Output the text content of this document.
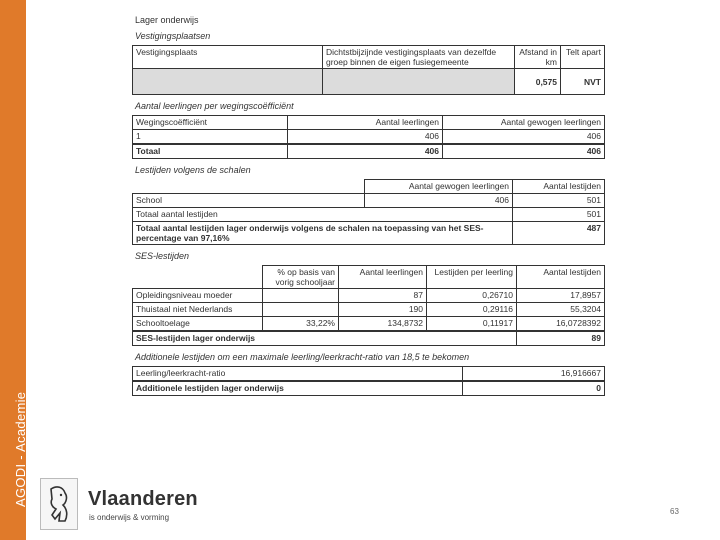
AGODI - Academie
Lager onderwijs
Vestigingsplaatsen
Vestigingsplaats	Dichtstbijzijnde vestigingsplaats van dezelfde groep binnen de eigen fusiegemeente	Afstand in km	Telt apart
		0,575	NVT
Aantal leerlingen per wegingscoëfficiënt
Wegingscoëfficiënt	Aantal leerlingen	Aantal gewogen leerlingen
1	406	406
Totaal	406	406
Lestijden volgens de schalen
	Aantal gewogen leerlingen	Aantal lestijden
School	406	501
Totaal aantal lestijden		501
Totaal aantal lestijden lager onderwijs volgens de schalen na toepassing van het SES-percentage van 97,16%		487
SES-lestijden
	% op basis van vorig schooljaar	Aantal leerlingen	Lestijden per leerling	Aantal lestijden
Opleidingsniveau moeder		87	0,26710	17,8957
Thuistaal niet Nederlands		190	0,29116	55,3204
Schooltoelage	33,22%	134,8732	0,11917	16,0728392
SES-lestijden lager onderwijs				89
Additionele lestijden om een maximale leerling/leerkracht-ratio van 18,5 te bekomen
Leerling/leerkracht-ratio	16,916667
Additionele lestijden lager onderwijs	0
Vlaanderen
is onderwijs & vorming
63
